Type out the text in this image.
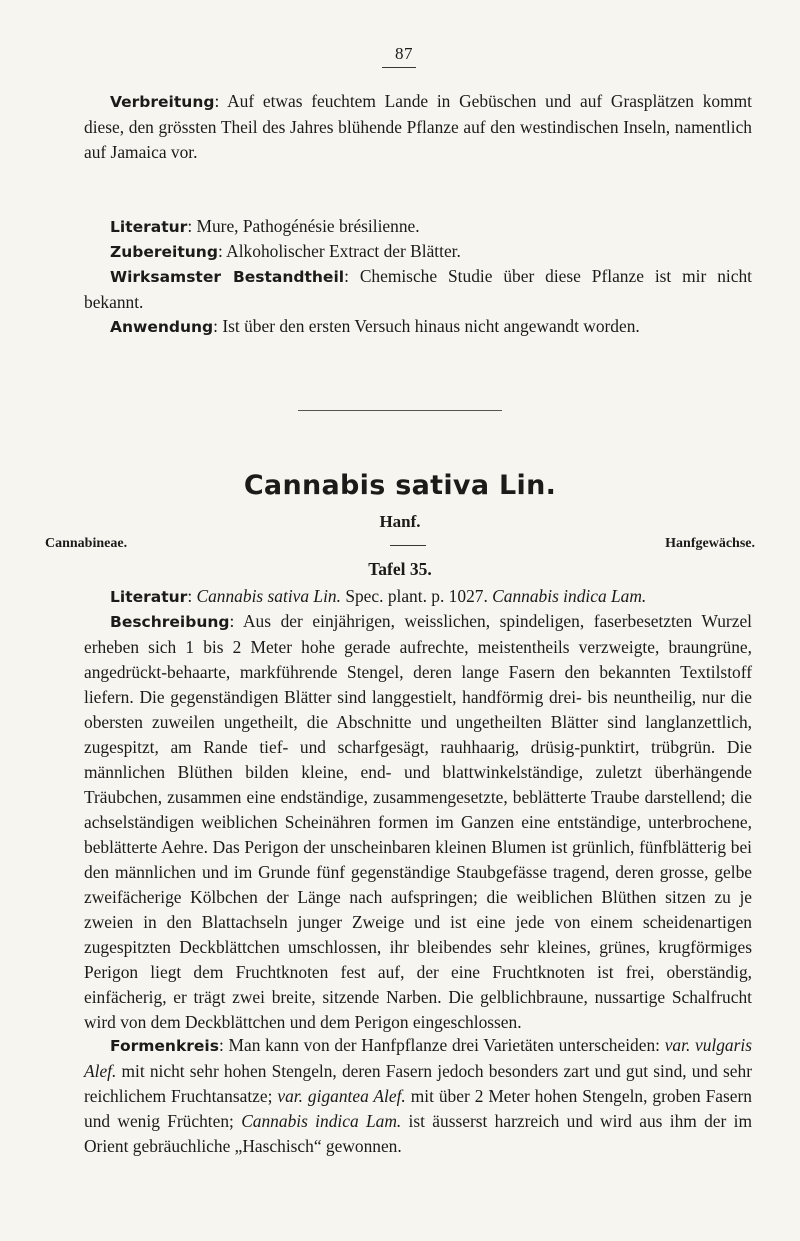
87

Verbreitung: Auf etwas feuchtem Lande in Gebüschen und auf Grasplätzen kommt diese, den grössten Theil des Jahres blühende Pflanze auf den westindischen Inseln, namentlich auf Jamaica vor.

Literatur: Mure, Pathogénésie brésilienne.

Zubereitung: Alkoholischer Extract der Blätter.

Wirksamster Bestandtheil: Chemische Studie über diese Pflanze ist mir nicht bekannt.

Anwendung: Ist über den ersten Versuch hinaus nicht angewandt worden.

Cannabis sativa Lin.
Hanf.
Cannabineae.	Hanfgewächse.
Tafel 35.

Literatur: Cannabis sativa Lin. Spec. plant. p. 1027. Cannabis indica Lam.

Beschreibung: Aus der einjährigen, weisslichen, spindeligen, faserbesetzten Wurzel erheben sich 1 bis 2 Meter hohe gerade aufrechte, meistentheils verzweigte, braungrüne, angedrückt-behaarte, markführende Stengel, deren lange Fasern den bekannten Textilstoff liefern. Die gegenständigen Blätter sind langgestielt, handförmig drei- bis neuntheilig, nur die obersten zuweilen ungetheilt, die Abschnitte und ungetheilten Blätter sind langlanzettlich, zugespitzt, am Rande tief- und scharfgesägt, rauhhaarig, drüsig-punktirt, trübgrün. Die männlichen Blüthen bilden kleine, end- und blattwinkelständige, zuletzt überhängende Träubchen, zusammen eine endständige, zusammengesetzte, beblätterte Traube darstellend; die achselständigen weiblichen Scheinähren formen im Ganzen eine entständige, unterbrochene, beblätterte Aehre. Das Perigon der unscheinbaren kleinen Blumen ist grünlich, fünfblätterig bei den männlichen und im Grunde fünf gegenständige Staubgefässe tragend, deren grosse, gelbe zweifächerige Kölbchen der Länge nach aufspringen; die weiblichen Blüthen sitzen zu je zweien in den Blattachseln junger Zweige und ist eine jede von einem scheidenartigen zugespitzten Deckblättchen umschlossen, ihr bleibendes sehr kleines, grünes, krugförmiges Perigon liegt dem Fruchtknoten fest auf, der eine Fruchtknoten ist frei, oberständig, einfächerig, er trägt zwei breite, sitzende Narben. Die gelblichbraune, nussartige Schalfrucht wird von dem Deckblättchen und dem Perigon eingeschlossen.

Formenkreis: Man kann von der Hanfpflanze drei Varietäten unterscheiden: var. vulgaris Alef. mit nicht sehr hohen Stengeln, deren Fasern jedoch besonders zart und gut sind, und sehr reichlichem Fruchtansatze; var. gigantea Alef. mit über 2 Meter hohen Stengeln, groben Fasern und wenig Früchten; Cannabis indica Lam. ist äusserst harzreich und wird aus ihm der im Orient gebräuchliche „Haschisch“ gewonnen.
